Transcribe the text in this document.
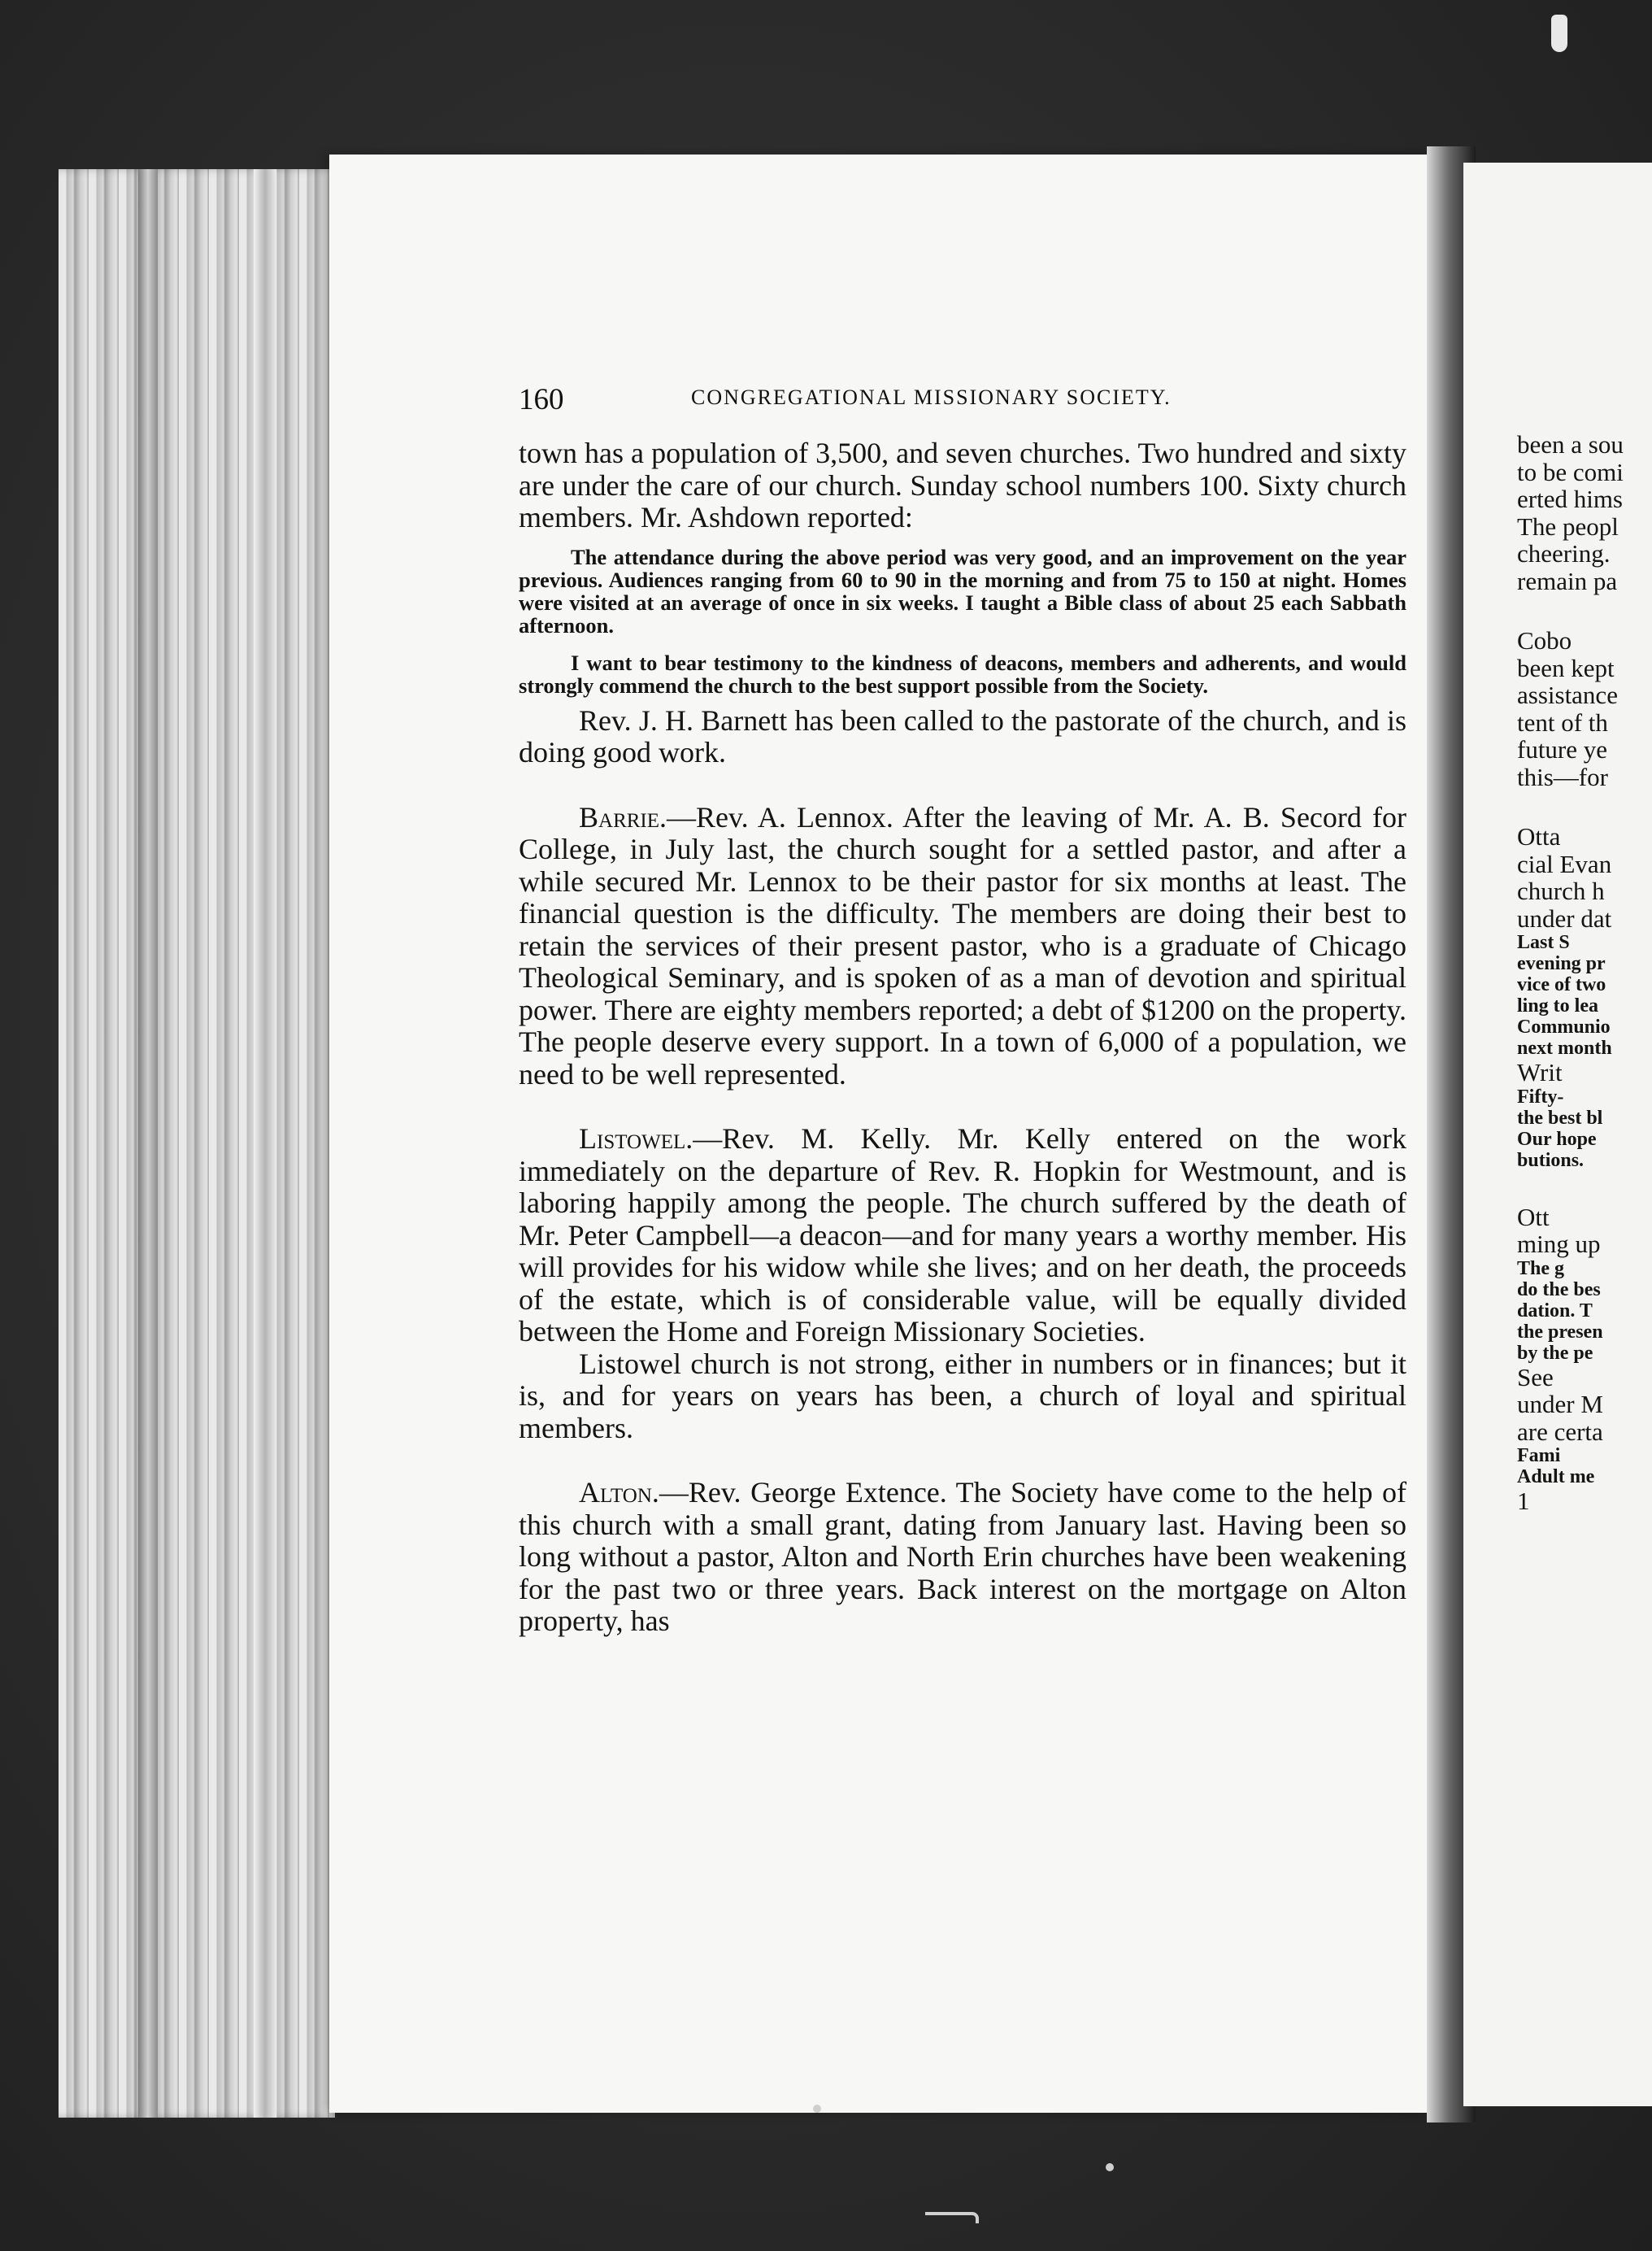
160	CONGREGATIONAL MISSIONARY SOCIETY.

town has a population of 3,500, and seven churches. Two hundred and sixty are under the care of our church. Sunday school numbers 100. Sixty church members. Mr. Ashdown reported:

The attendance during the above period was very good, and an improvement on the year previous. Audiences ranging from 60 to 90 in the morning and from 75 to 150 at night. Homes were visited at an average of once in six weeks. I taught a Bible class of about 25 each Sabbath afternoon.

I want to bear testimony to the kindness of deacons, members and adherents, and would strongly commend the church to the best support possible from the Society.

Rev. J. H. Barnett has been called to the pastorate of the church, and is doing good work.

Barrie.—Rev. A. Lennox. After the leaving of Mr. A. B. Secord for College, in July last, the church sought for a settled pastor, and after a while secured Mr. Lennox to be their pastor for six months at least. The financial question is the difficulty. The members are doing their best to retain the services of their present pastor, who is a graduate of Chicago Theological Seminary, and is spoken of as a man of devotion and spiritual power. There are eighty members reported; a debt of $1200 on the property. The people deserve every support. In a town of 6,000 of a population, we need to be well represented.

Listowel.—Rev. M. Kelly. Mr. Kelly entered on the work immediately on the departure of Rev. R. Hopkin for Westmount, and is laboring happily among the people. The church suffered by the death of Mr. Peter Campbell—a deacon—and for many years a worthy member. His will provides for his widow while she lives; and on her death, the proceeds of the estate, which is of considerable value, will be equally divided between the Home and Foreign Missionary Societies.

Listowel church is not strong, either in numbers or in finances; but it is, and for years on years has been, a church of loyal and spiritual members.

Alton.—Rev. George Extence. The Society have come to the help of this church with a small grant, dating from January last. Having been so long without a pastor, Alton and North Erin churches have been weakening for the past two or three years. Back interest on the mortgage on Alton property, has

been a sou
to be comi
erted hims
The peopl
cheering.
remain pa
Cobo
been kept
assistance
tent of th
future ye
this—for
Otta
cial Evan
church h
under dat
Last S
evening pr
vice of two
ling to lea
Communio
next month
Writ
Fifty-
the best bl
Our hope
butions.
Ott
ming up
The g
do the bes
dation. T
the presen
by the pe
See
under M
are certa
Fami
Adult me
1
